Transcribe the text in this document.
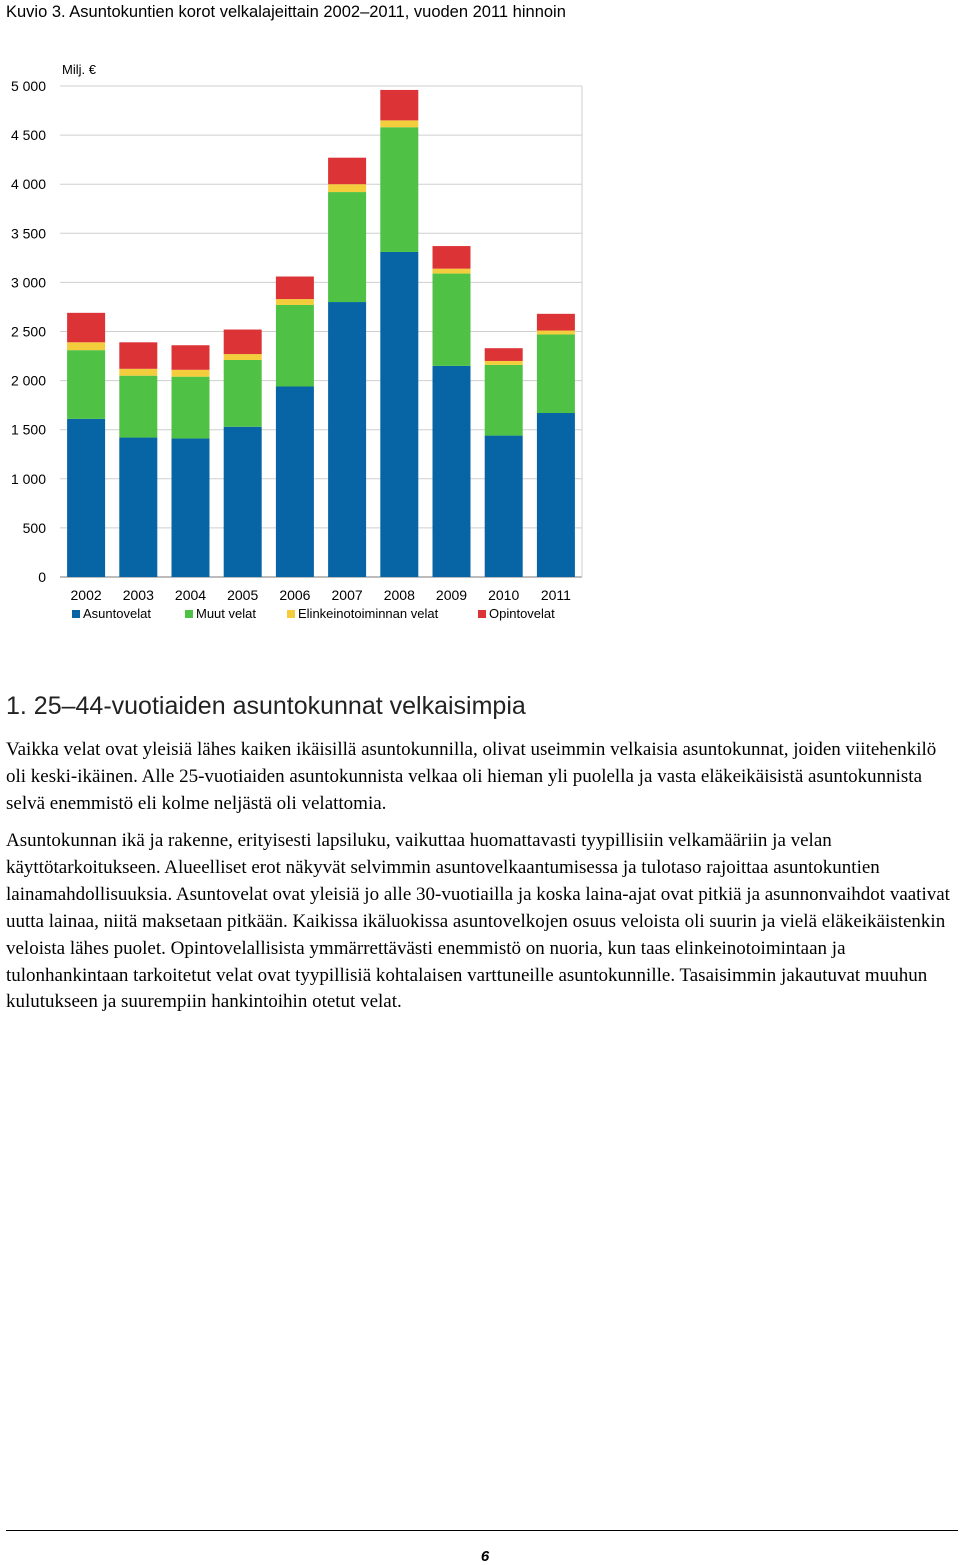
Kuvio 3. Asuntokuntien korot velkalajeittain 2002–2011, vuoden 2011 hinnoin
0
500
1 000
1 500
2 000
2 500
3 000
3 500
4 000
4 500
5 000
Milj. €
2002 2003 2004 2005 2006 2007 2008 2009 2010 2011
Asuntovelat	Muut velat	Elinkeinotoiminnan velat	Opintovelat
1. 25–44-vuotiaiden asuntokunnat velkaisimpia

Vaikka velat ovat yleisiä lähes kaiken ikäisillä asuntokunnilla, olivat useimmin velkaisia asuntokunnat, joiden viitehenkilö oli keski-ikäinen. Alle 25-vuotiaiden asuntokunnista velkaa oli hieman yli puolella ja vasta eläkeikäisistä asuntokunnista selvä enemmistö eli kolme neljästä oli velattomia.

Asuntokunnan ikä ja rakenne, erityisesti lapsiluku, vaikuttaa huomattavasti tyypillisiin velkamääriin ja velan käyttötarkoitukseen. Alueelliset erot näkyvät selvimmin asuntovelkaantumisessa ja tulotaso rajoittaa asuntokuntien lainamahdollisuuksia. Asuntovelat ovat yleisiä jo alle 30-vuotiailla ja koska laina-ajat ovat pitkiä ja asunnonvaihdot vaativat uutta lainaa, niitä maksetaan pitkään. Kaikissa ikäluokissa asuntovelkojen osuus veloista oli suurin ja vielä eläkeikäistenkin veloista lähes puolet. Opintovelallisista ymmärrettävästi enemmistö on nuoria, kun taas elinkeinotoimintaan ja tulonhankintaan tarkoitetut velat ovat tyypillisiä kohtalaisen varttuneille asuntokunnille. Tasaisimmin jakautuvat muuhun kulutukseen ja suurempiin hankintoihin otetut velat.

6
